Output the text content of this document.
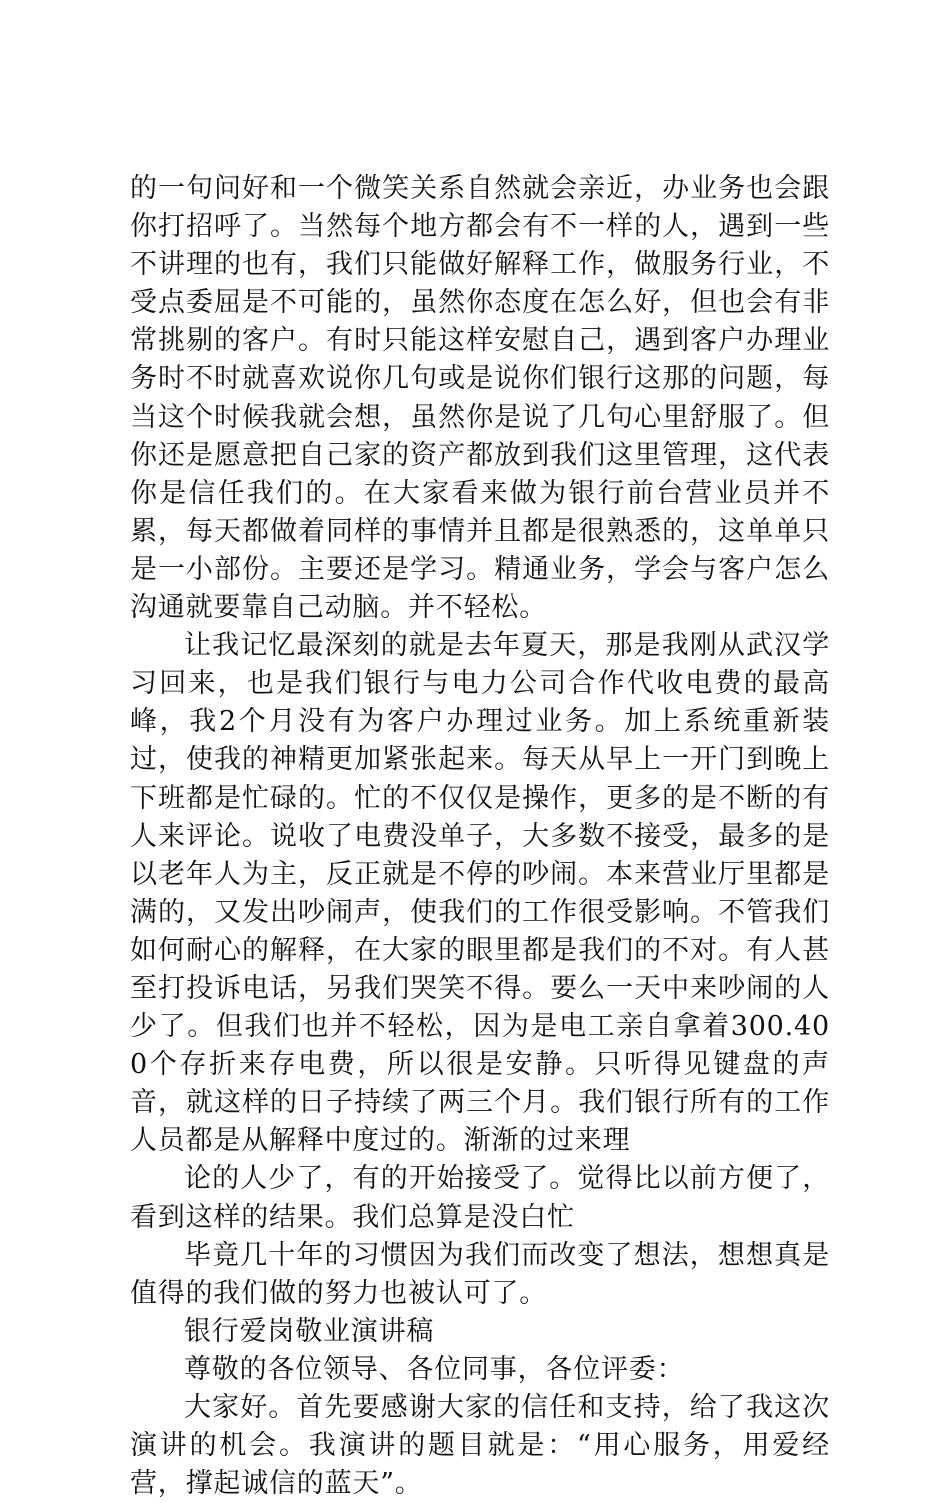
的一句问好和一个微笑关系自然就会亲近，办业务也会跟你打招呼了。当然每个地方都会有不一样的人，遇到一些不讲理的也有，我们只能做好解释工作，做服务行业，不受点委屈是不可能的，虽然你态度在怎么好，但也会有非常挑剔的客户。有时只能这样安慰自己，遇到客户办理业务时不时就喜欢说你几句或是说你们银行这那的问题，每当这个时候我就会想，虽然你是说了几句心里舒服了。但你还是愿意把自己家的资产都放到我们这里管理，这代表你是信任我们的。在大家看来做为银行前台营业员并不累，每天都做着同样的事情并且都是很熟悉的，这单单只是一小部份。主要还是学习。精通业务，学会与客户怎么沟通就要靠自己动脑。并不轻松。

让我记忆最深刻的就是去年夏天，那是我刚从武汉学习回来，也是我们银行与电力公司合作代收电费的最高峰，我2个月没有为客户办理过业务。加上系统重新装过，使我的神精更加紧张起来。每天从早上一开门到晚上下班都是忙碌的。忙的不仅仅是操作，更多的是不断的有人来评论。说收了电费没单子，大多数不接受，最多的是以老年人为主，反正就是不停的吵闹。本来营业厅里都是满的，又发出吵闹声，使我们的工作很受影响。不管我们如何耐心的解释，在大家的眼里都是我们的不对。有人甚至打投诉电话，另我们哭笑不得。要么一天中来吵闹的人少了。但我们也并不轻松，因为是电工亲自拿着300.400个存折来存电费，所以很是安静。只听得见键盘的声音，就这样的日子持续了两三个月。我们银行所有的工作人员都是从解释中度过的。渐渐的过来理

论的人少了，有的开始接受了。觉得比以前方便了，看到这样的结果。我们总算是没白忙

毕竟几十年的习惯因为我们而改变了想法，想想真是值得的我们做的努力也被认可了。

银行爱岗敬业演讲稿

尊敬的各位领导、各位同事，各位评委：

大家好。首先要感谢大家的信任和支持，给了我这次演讲的机会。我演讲的题目就是：“用心服务，用爱经营，撑起诚信的蓝天”。
